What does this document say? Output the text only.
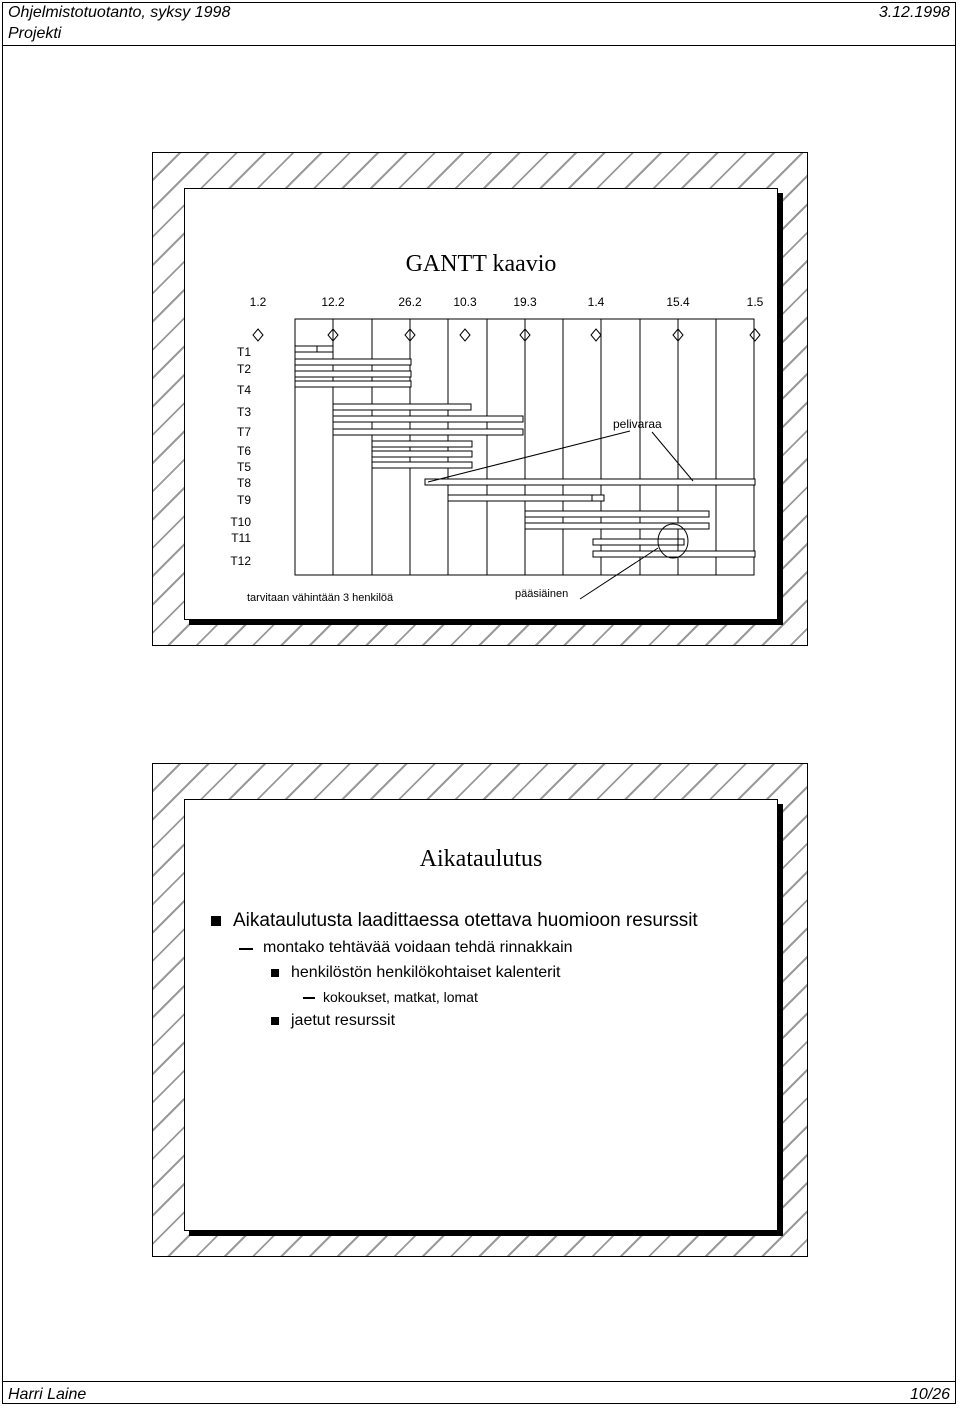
Ohjelmistotuotanto, syksy 1998
Projekti
3.12.1998
GANTT kaavio
1.2	12.2	26.2	10.3	19.3	1.4	15.4	1.5
T1
T2
T4
T3
T7
T6
T5
T8
T9
T10
T11
T12
pelivaraa
tarvitaan vähintään 3 henkilöä	pääsiäinen
Aikataulutus
Aikataulutusta laadittaessa otettava huomioon resurssit
montako tehtävää voidaan tehdä rinnakkain
henkilöstön henkilökohtaiset kalenterit
kokoukset, matkat, lomat
jaetut resurssit
Harri Laine	10/26
